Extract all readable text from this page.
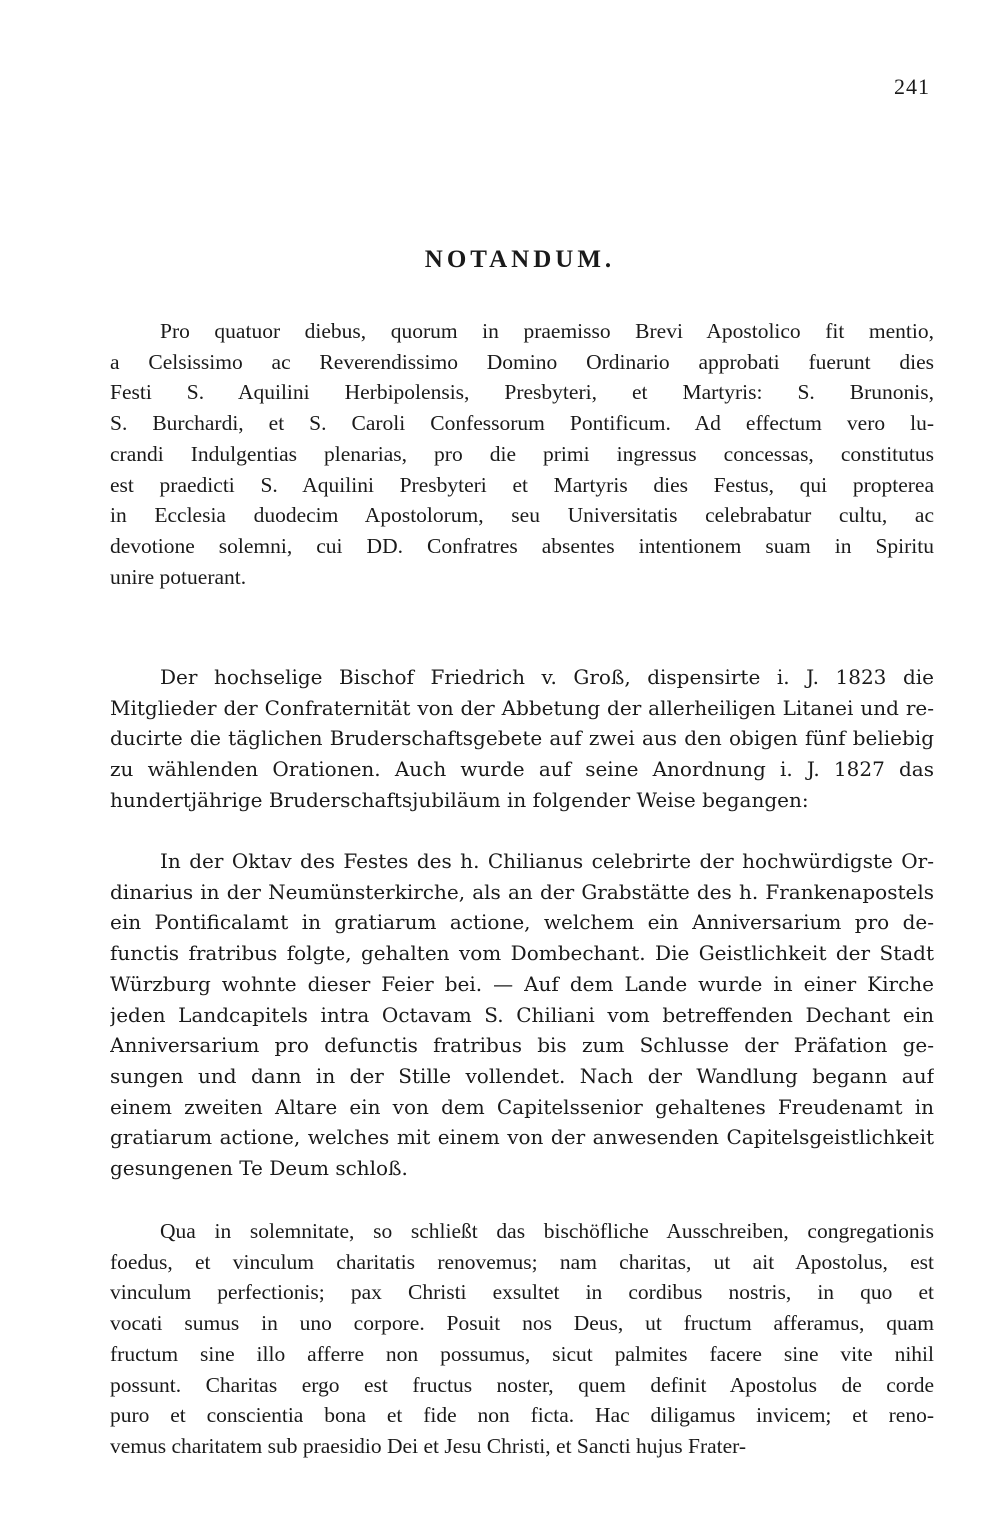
241
NOTANDUM.
Pro quatuor diebus, quorum in praemisso Brevi Apostolico fit mentio,
a Celsissimo ac Reverendissimo Domino Ordinario approbati fuerunt dies
Festi S. Aquilini Herbipolensis, Presbyteri, et Martyris: S. Brunonis,
S. Burchardi, et S. Caroli Confessorum Pontificum. Ad effectum vero lu-
crandi Indulgentias plenarias, pro die primi ingressus concessas, constitutus
est praedicti S. Aquilini Presbyteri et Martyris dies Festus, qui propterea
in Ecclesia duodecim Apostolorum, seu Universitatis celebrabatur cultu, ac
devotione solemni, cui DD. Confratres absentes intentionem suam in Spiritu
unire potuerant.
Der hochselige Bischof Friedrich v. Groß, dispensirte i. J. 1823 die
Mitglieder der Confraternität von der Abbetung der allerheiligen Litanei und re-
ducirte die täglichen Bruderschaftsgebete auf zwei aus den obigen fünf beliebig
zu wählenden Orationen. Auch wurde auf seine Anordnung i. J. 1827 das
hundertjährige Bruderschaftsjubiläum in folgender Weise begangen:
In der Oktav des Festes des h. Chilianus celebrirte der hochwürdigste Or-
dinarius in der Neumünsterkirche, als an der Grabstätte des h. Frankenapostels
ein Pontificalamt in gratiarum actione, welchem ein Anniversarium pro de-
functis fratribus folgte, gehalten vom Dombechant. Die Geistlichkeit der Stadt
Würzburg wohnte dieser Feier bei. — Auf dem Lande wurde in einer Kirche
jeden Landcapitels intra Octavam S. Chiliani vom betreffenden Dechant ein
Anniversarium pro defunctis fratribus bis zum Schlusse der Präfation ge-
sungen und dann in der Stille vollendet. Nach der Wandlung begann auf
einem zweiten Altare ein von dem Capitelssenior gehaltenes Freudenamt in
gratiarum actione, welches mit einem von der anwesenden Capitelsgeistlichkeit
gesungenen Te Deum schloß.
Qua in solemnitate, so schließt das bischöfliche Ausschreiben, congregationis
foedus, et vinculum charitatis renovemus; nam charitas, ut ait Apostolus, est
vinculum perfectionis; pax Christi exsultet in cordibus nostris, in quo et
vocati sumus in uno corpore. Posuit nos Deus, ut fructum afferamus, quam
fructum sine illo afferre non possumus, sicut palmites facere sine vite nihil
possunt. Charitas ergo est fructus noster, quem definit Apostolus de corde
puro et conscientia bona et fide non ficta. Hac diligamus invicem; et reno-
vemus charitatem sub praesidio Dei et Jesu Christi, et Sancti hujus Frater-
